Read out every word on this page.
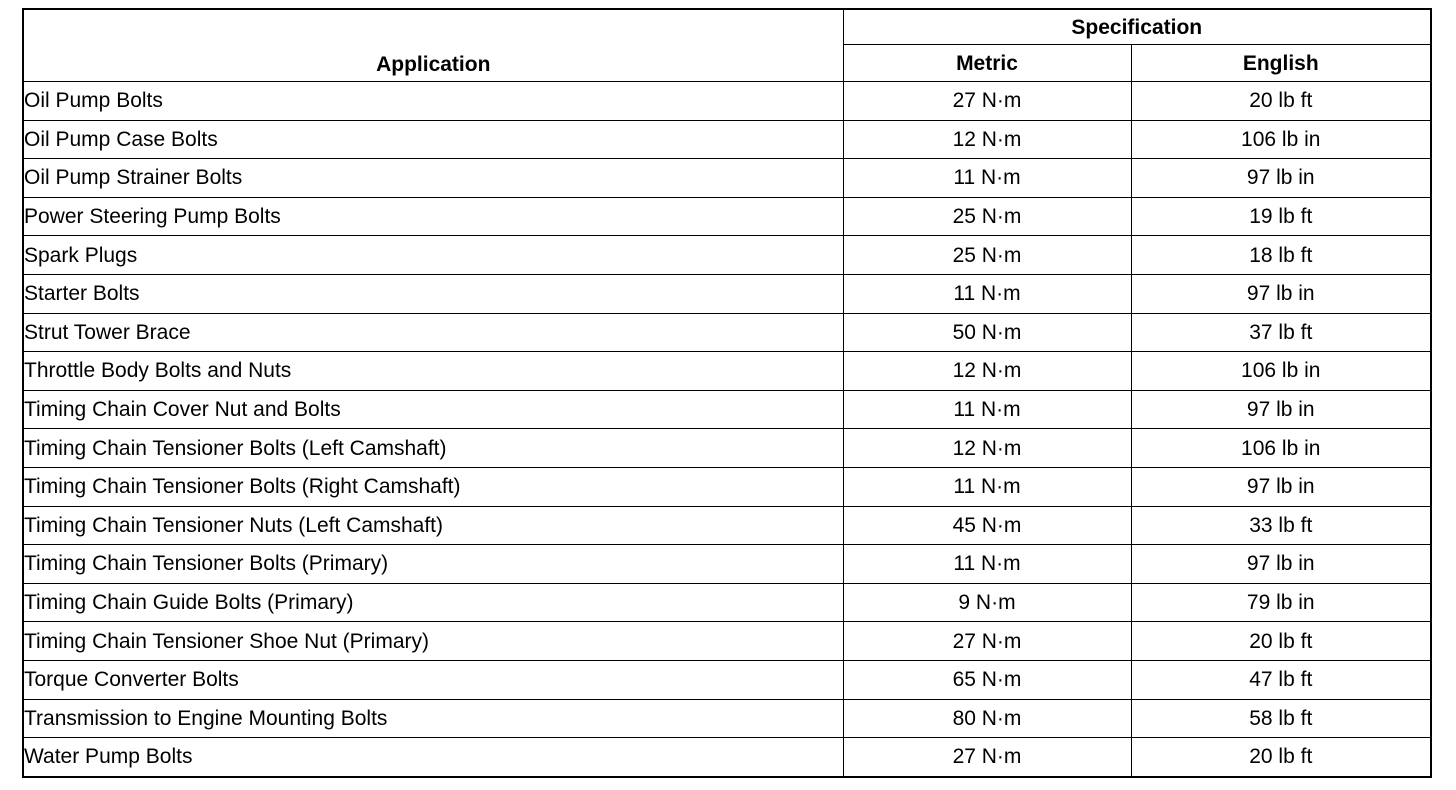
Application	Specification	
	Metric	English
Oil Pump Bolts	27 N·m	20 lb ft
Oil Pump Case Bolts	12 N·m	106 lb in
Oil Pump Strainer Bolts	11 N·m	97 lb in
Power Steering Pump Bolts	25 N·m	19 lb ft
Spark Plugs	25 N·m	18 lb ft
Starter Bolts	11 N·m	97 lb in
Strut Tower Brace	50 N·m	37 lb ft
Throttle Body Bolts and Nuts	12 N·m	106 lb in
Timing Chain Cover Nut and Bolts	11 N·m	97 lb in
Timing Chain Tensioner Bolts (Left Camshaft)	12 N·m	106 lb in
Timing Chain Tensioner Bolts (Right Camshaft)	11 N·m	97 lb in
Timing Chain Tensioner Nuts (Left Camshaft)	45 N·m	33 lb ft
Timing Chain Tensioner Bolts (Primary)	11 N·m	97 lb in
Timing Chain Guide Bolts (Primary)	9 N·m	79 lb in
Timing Chain Tensioner Shoe Nut (Primary)	27 N·m	20 lb ft
Torque Converter Bolts	65 N·m	47 lb ft
Transmission to Engine Mounting Bolts	80 N·m	58 lb ft
Water Pump Bolts	27 N·m	20 lb ft
